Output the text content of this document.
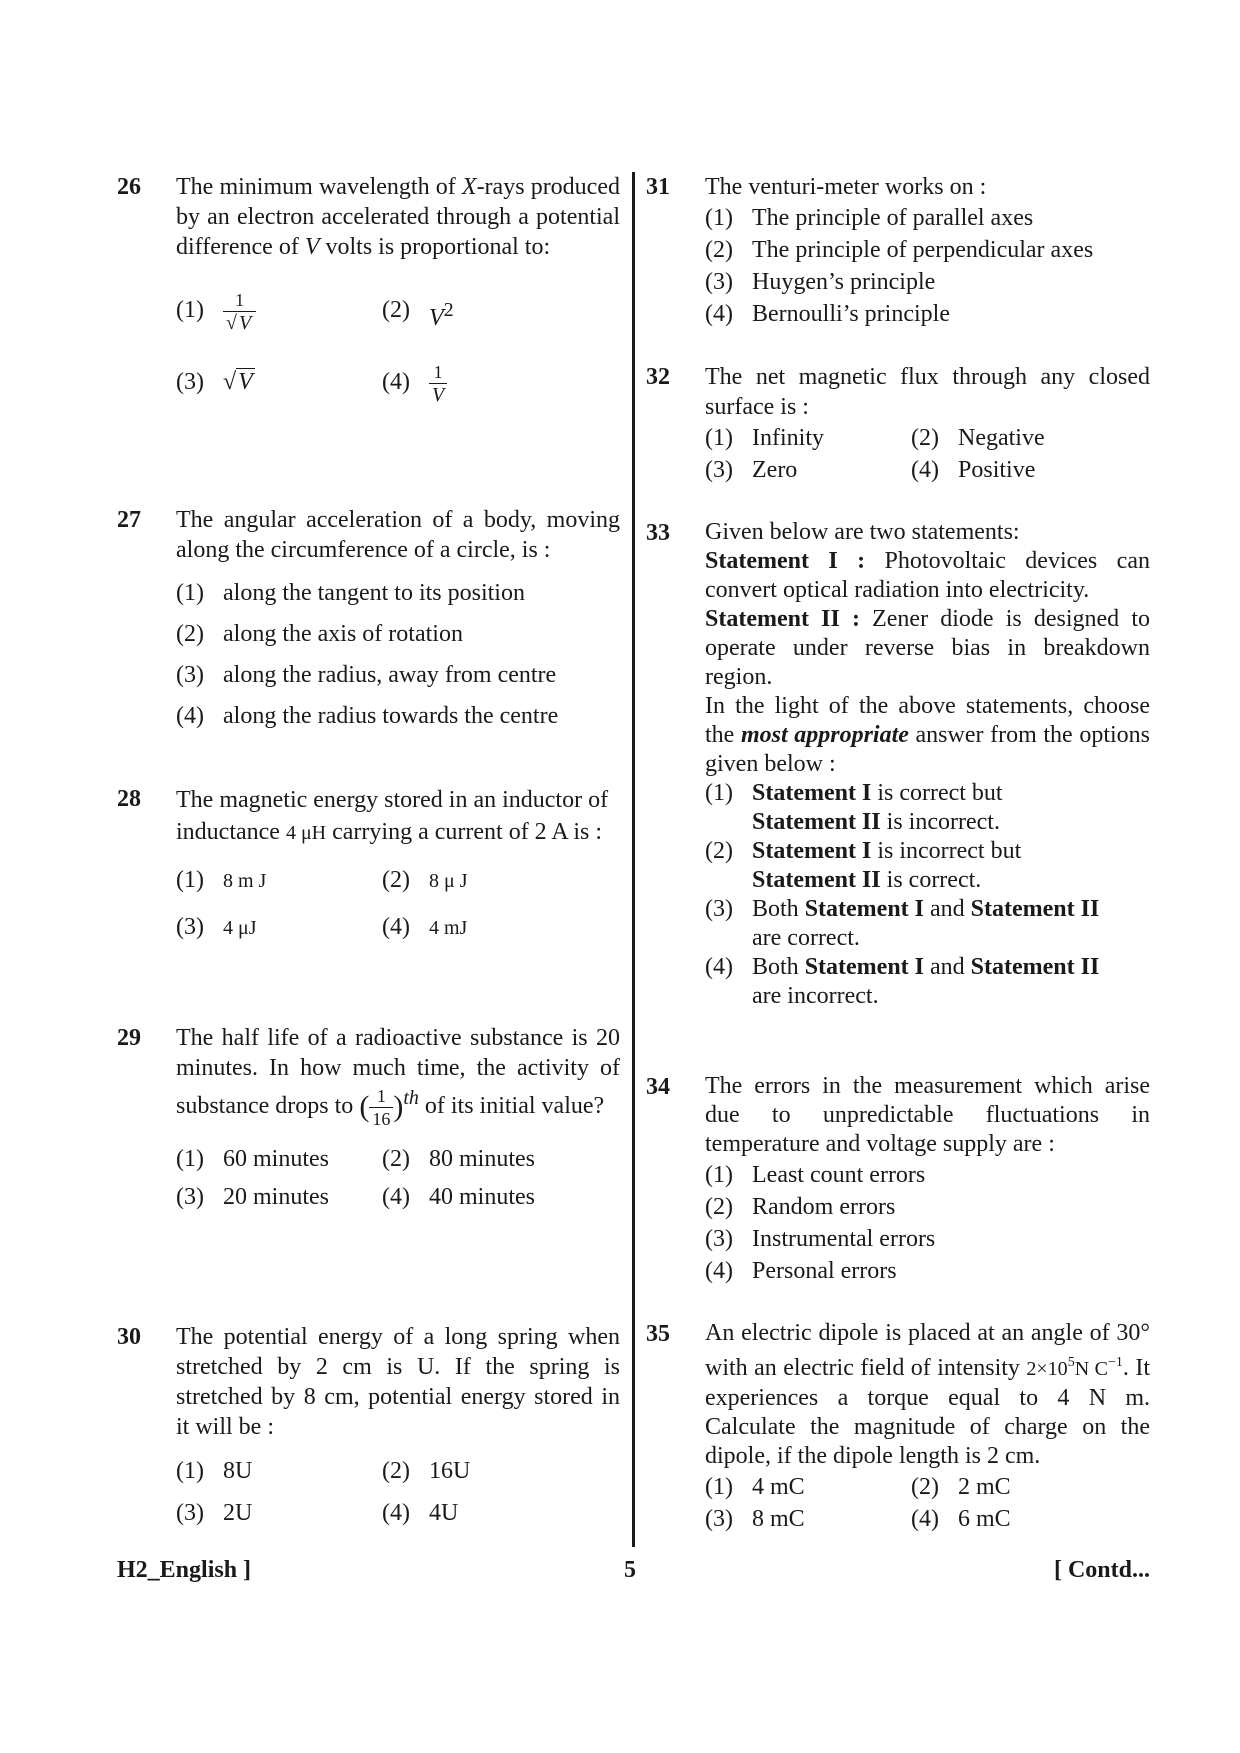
26 The minimum wavelength of X-rays produced by an electron accelerated through a potential difference of V volts is proportional to:
$(1) \frac{1}{√ V}$	(2) $V^2$
(3) √V	$(4) \frac{1}{V}$
27 The angular acceleration of a body, moving along the circumference of a circle, is :
(1) along the tangent to its position
(2) along the axis of rotation
(3) along the radius, away from centre
(4) along the radius towards the centre
28 The magnetic energy stored in an inductor of inductance 4 μH carrying a current of 2 A is :
(1) 8 m J	(2) 8 μ J
(3) 4 μJ	(4) 4 mJ
29 The half life of a radioactive substance is 20 minutes. In how much time, the activity of substance drops to ( $\frac{1}{16} )^{th}$ of its initial value?
(1) 60 minutes	(2) 80 minutes
(3) 20 minutes	(4) 40 minutes
30 The potential energy of a long spring when stretched by 2 cm is U. If the spring is stretched by 8 cm, potential energy stored in it will be :
(1) 8U	(2) 16U
(3) 2U	(4) 4U
31 The venturi-meter works on :
(1) The principle of parallel axes
(2) The principle of perpendicular axes
(3) Huygen’s principle
(4) Bernoulli’s principle
32 The net magnetic flux through any closed surface is :
(1) Infinity	(2) Negative
(3) Zero	(4) Positive
33 Given below are two statements:
Statement I : Photovoltaic devices can convert optical radiation into electricity.
Statement II : Zener diode is designed to operate under reverse bias in breakdown region.
In the light of the above statements, choose the most appropriate answer from the options given below :
(1) Statement I is correct but
Statement II is incorrect.
(2) Statement I is incorrect but
Statement II is correct.
(3) Both Statement I and Statement II
are correct.
(4) Both Statement I and Statement II
are incorrect.
34 The errors in the measurement which arise due to unpredictable fluctuations in temperature and voltage supply are :
(1) Least count errors
(2) Random errors
(3) Instrumental errors
(4) Personal errors
35 An electric dipole is placed at an angle of 30° with an electric field of intensity $2\times 10^5N$ $C^{-1}$. It experiences a torque equal to 4 N m. Calculate the magnitude of charge on the dipole, if the dipole length is 2 cm.
(1) 4 mC	(2) 2 mC
(3) 8 mC	(4) 6 mC
H2_English ]	5	[ Contd...
